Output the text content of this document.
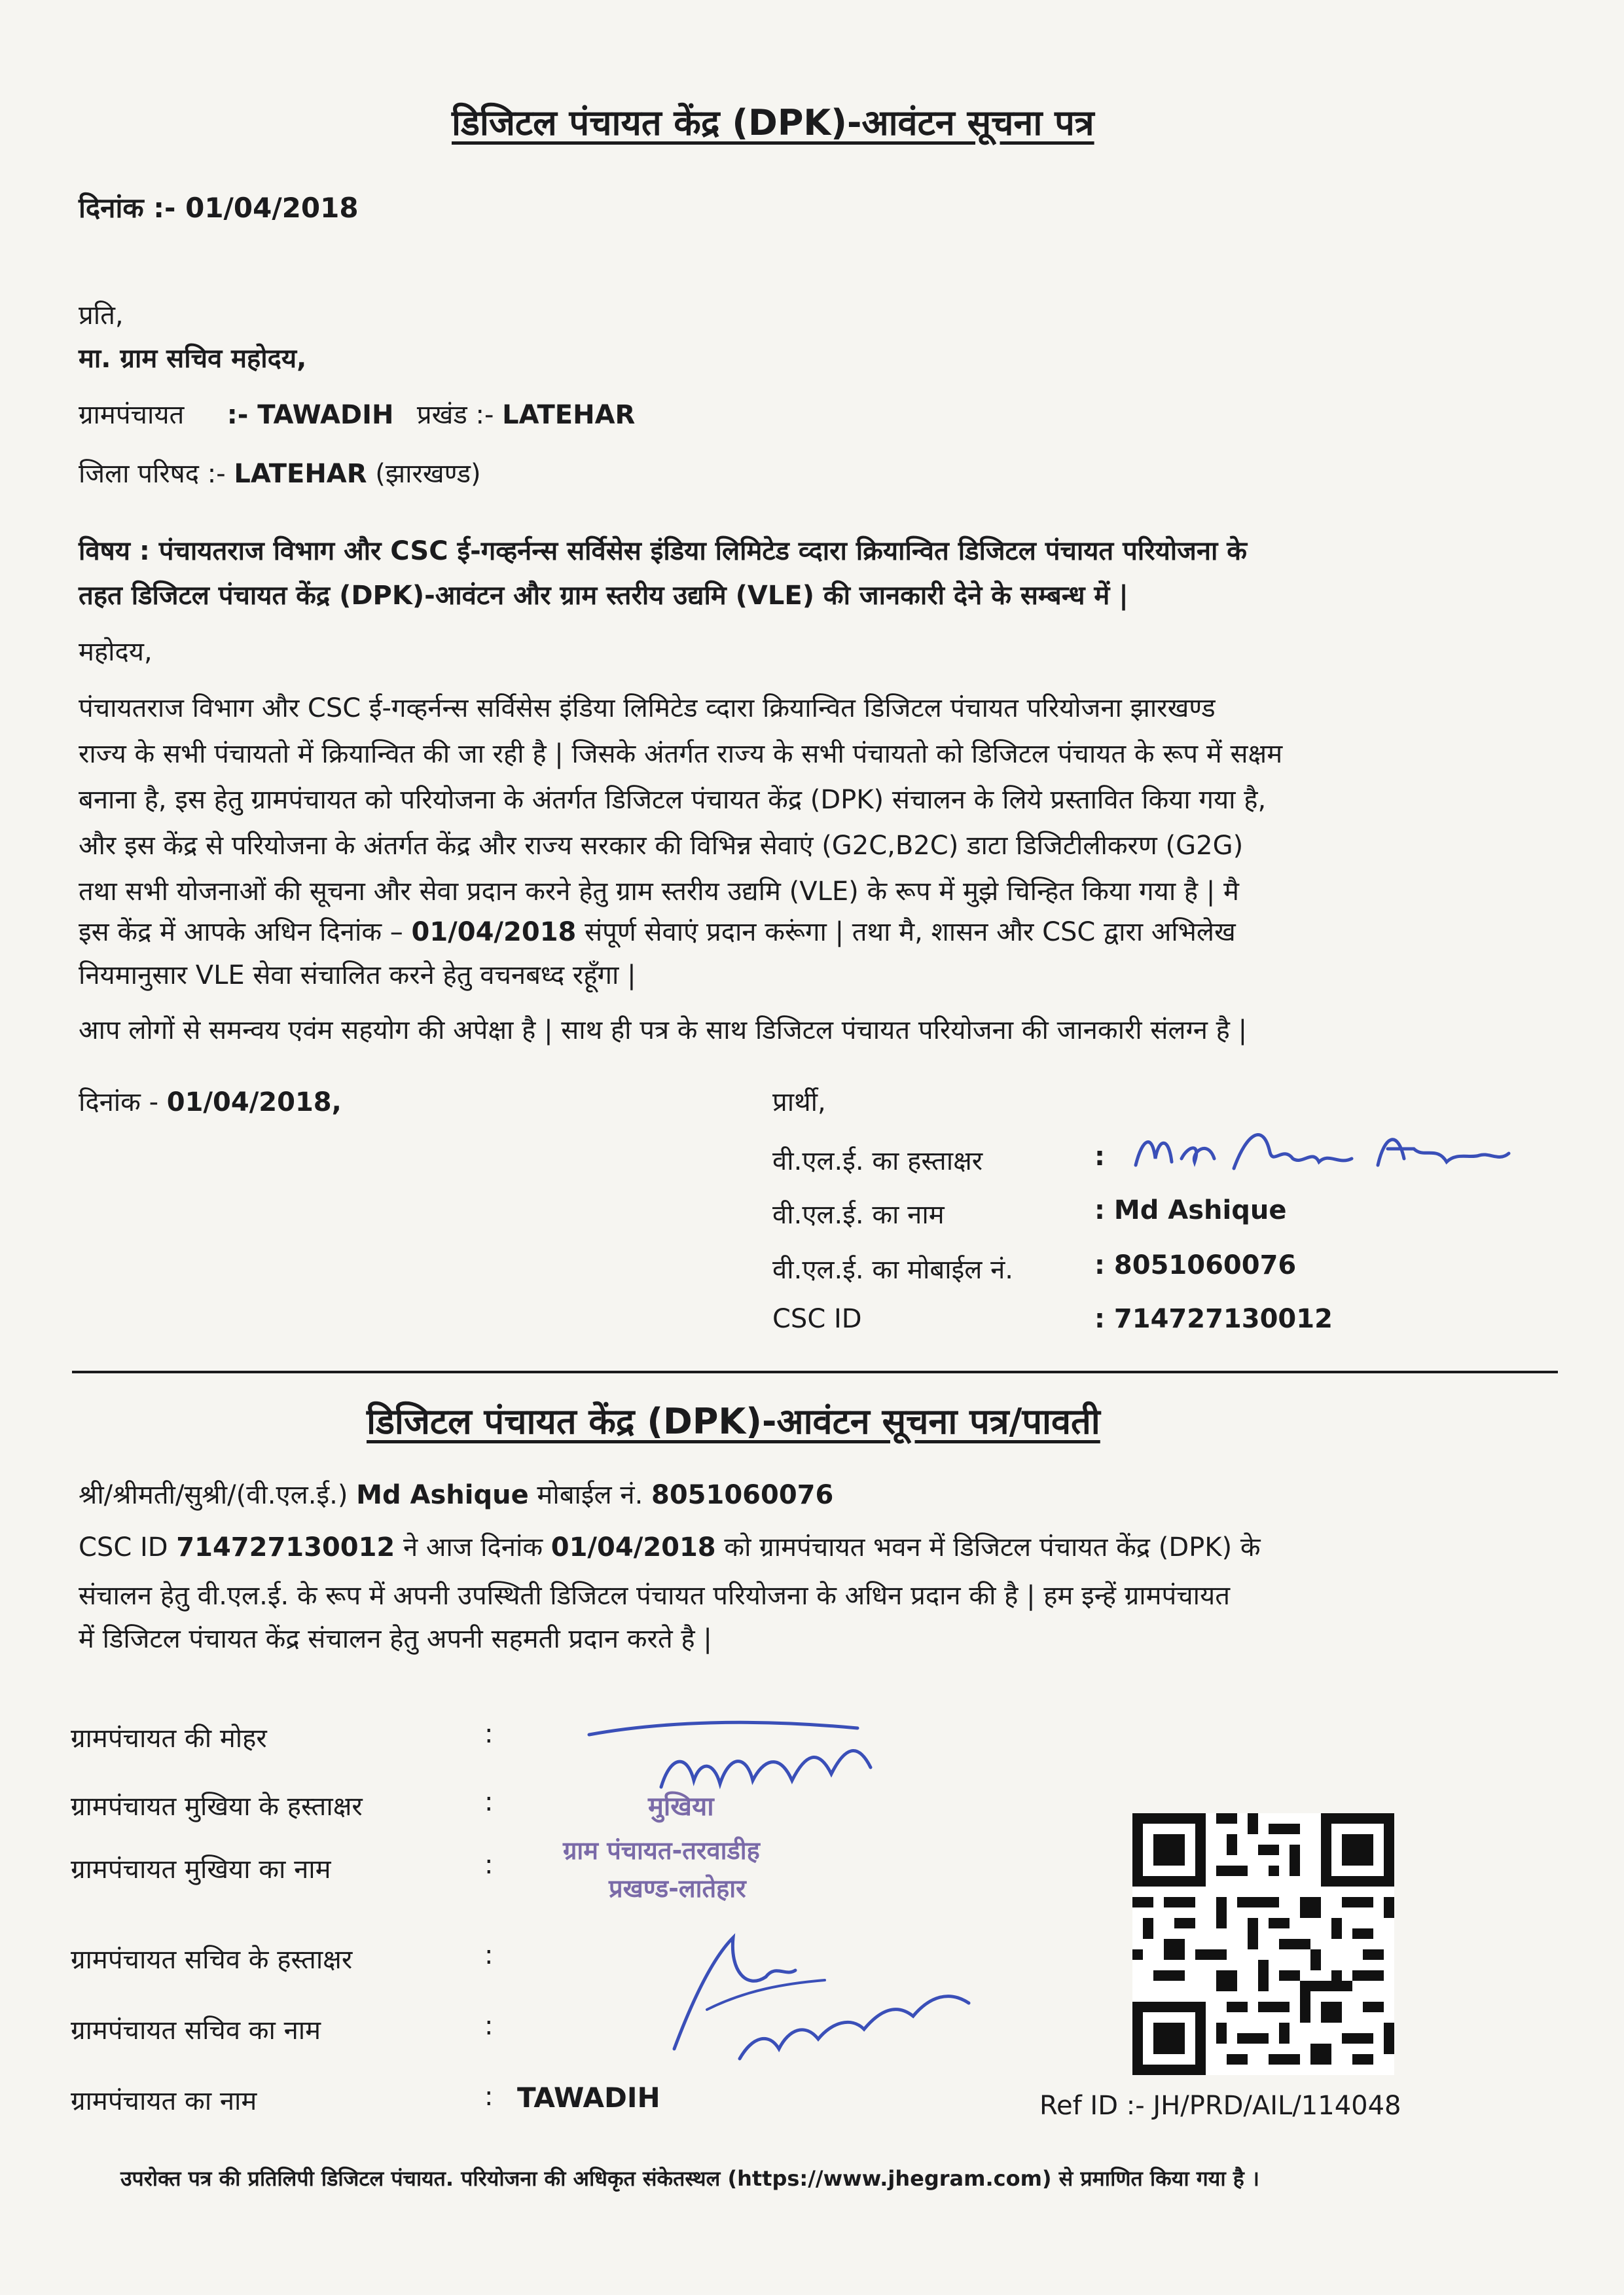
डिजिटल पंचायत केंद्र (DPK)-आवंटन सूचना पत्र
दिनांक :- 01/04/2018
प्रति,
मा. ग्राम सचिव महोदय,
ग्रामपंचायत :- TAWADIH प्रखंड :- LATEHAR
जिला परिषद :- LATEHAR (झारखण्ड)
विषय : पंचायतराज विभाग और CSC ई-गव्हर्नन्स सर्विसेस इंडिया लिमिटेड व्दारा क्रियान्वित डिजिटल पंचायत परियोजना के
तहत डिजिटल पंचायत केंद्र (DPK)-आवंटन और ग्राम स्तरीय उद्यमि (VLE) की जानकारी देने के सम्बन्ध में |
महोदय,
पंचायतराज विभाग और CSC ई-गव्हर्नन्स सर्विसेस इंडिया लिमिटेड व्दारा क्रियान्वित डिजिटल पंचायत परियोजना झारखण्ड
राज्य के सभी पंचायतो में क्रियान्वित की जा रही है | जिसके अंतर्गत राज्य के सभी पंचायतो को डिजिटल पंचायत के रूप में सक्षम
बनाना है, इस हेतु ग्रामपंचायत को परियोजना के अंतर्गत डिजिटल पंचायत केंद्र (DPK) संचालन के लिये प्रस्तावित किया गया है,
और इस केंद्र से परियोजना के अंतर्गत केंद्र और राज्य सरकार की विभिन्न सेवाएं (G2C,B2C) डाटा डिजिटीलीकरण (G2G)
तथा सभी योजनाओं की सूचना और सेवा प्रदान करने हेतु ग्राम स्तरीय उद्यमि (VLE) के रूप में मुझे चिन्हित किया गया है | मै
इस केंद्र में आपके अधिन दिनांक – 01/04/2018 संपूर्ण सेवाएं प्रदान करूंगा | तथा मै, शासन और CSC द्वारा अभिलेख
नियमानुसार VLE सेवा संचालित करने हेतु वचनबध्द रहूँगा |
आप लोगों से समन्वय एवंम सहयोग की अपेक्षा है | साथ ही पत्र के साथ डिजिटल पंचायत परियोजना की जानकारी संलग्न है |
दिनांक - 01/04/2018,	प्रार्थी,
वी.एल.ई. का हस्ताक्षर	:
वी.एल.ई. का नाम	: Md Ashique
वी.एल.ई. का मोबाईल नं.	: 8051060076
CSC ID	: 714727130012
डिजिटल पंचायत केंद्र (DPK)-आवंटन सूचना पत्र/पावती
श्री/श्रीमती/सुश्री/(वी.एल.ई.) Md Ashique मोबाईल नं. 8051060076
CSC ID 714727130012 ने आज दिनांक 01/04/2018 को ग्रामपंचायत भवन में डिजिटल पंचायत केंद्र (DPK) के
संचालन हेतु वी.एल.ई. के रूप में अपनी उपस्थिती डिजिटल पंचायत परियोजना के अधिन प्रदान की है | हम इन्हें ग्रामपंचायत
में डिजिटल पंचायत केंद्र संचालन हेतु अपनी सहमती प्रदान करते है |
ग्रामपंचायत की मोहर	:
ग्रामपंचायत मुखिया के हस्ताक्षर	:
ग्रामपंचायत मुखिया का नाम	:
ग्रामपंचायत सचिव के हस्ताक्षर	:
ग्रामपंचायत सचिव का नाम	:
ग्रामपंचायत का नाम	: TAWADIH
मुखिया
ग्राम पंचायत-तरवाडीह
प्रखण्ड-लातेहार
Ref ID :- JH/PRD/AIL/114048
उपरोक्त पत्र की प्रतिलिपी डिजिटल पंचायत. परियोजना की अधिकृत संकेतस्थल (https://www.jhegram.com) से प्रमाणित किया गया है ।
